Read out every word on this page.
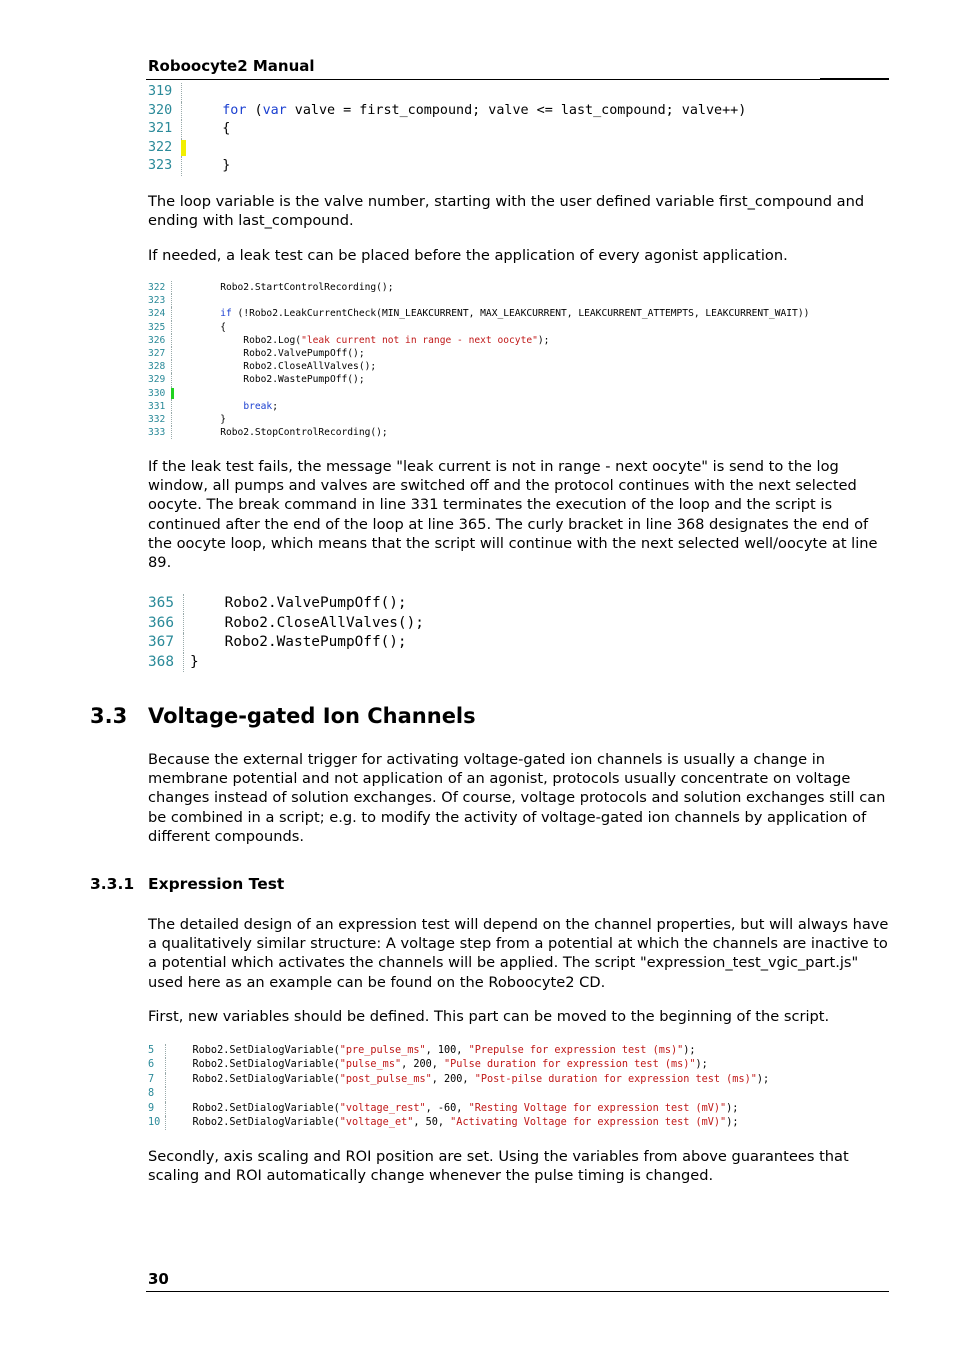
Roboocyte2 Manual
319
320	for (var valve = first_compound; valve <= last_compound; valve++)
321    {
322
323    }
The loop variable is the valve number, starting with the user defined variable first_compound and ending with last_compound.
If needed, a leak test can be placed before the application of every agonist application.
322        Robo2.StartControlRecording();
323
324	if (!Robo2.LeakCurrentCheck(MIN_LEAKCURRENT, MAX_LEAKCURRENT, LEAKCURRENT_ATTEMPTS, LEAKCURRENT_WAIT))
325        {
326            Robo2.Log("leak current not in range - next oocyte");
327            Robo2.ValvePumpOff();
328            Robo2.CloseAllValves();
329            Robo2.WastePumpOff();
330
331	break;
332        }
333        Robo2.StopControlRecording();
If the leak test fails, the message "leak current is not in range - next oocyte" is send to the log window, all pumps and valves are switched off and the protocol continues with the next selected oocyte. The break command in line 331 terminates the execution of the loop and the script is continued after the end of the loop at line 365. The curly bracket in line 368 designates the end of the oocyte loop, which means that the script will continue with the next selected well/oocyte at line 89.
365    Robo2.ValvePumpOff();
366    Robo2.CloseAllValves();
367    Robo2.WastePumpOff();
368 }
3.3 Voltage-gated Ion Channels
Because the external trigger for activating voltage-gated ion channels is usually a change in membrane potential and not application of an agonist, protocols usually concentrate on voltage changes instead of solution exchanges. Of course, voltage protocols and solution exchanges still can be combined in a script; e.g. to modify the activity of voltage-gated ion channels by application of different compounds.
3.3.1 Expression Test
The detailed design of an expression test will depend on the channel properties, but will always have a qualitatively similar structure: A voltage step from a potential at which the channels are inactive to a potential which activates the channels will be applied. The script "expression_test_vgic_part.js" used here as an example can be found on the Roboocyte2 CD.
First, new variables should be defined. This part can be moved to the beginning of the script.
5    Robo2.SetDialogVariable("pre_pulse_ms", 100, "Prepulse for expression test (ms)");
6    Robo2.SetDialogVariable("pulse_ms", 200, "Pulse duration for expression test (ms)");
7    Robo2.SetDialogVariable("post_pulse_ms", 200, "Post-pilse duration for expression test (ms)");
8
9    Robo2.SetDialogVariable("voltage_rest", -60, "Resting Voltage for expression test (mV)");
10    Robo2.SetDialogVariable("voltage_et", 50, "Activating Voltage for expression test (mV)");
Secondly, axis scaling and ROI position are set. Using the variables from above guarantees that scaling and ROI automatically change whenever the pulse timing is changed.
30
